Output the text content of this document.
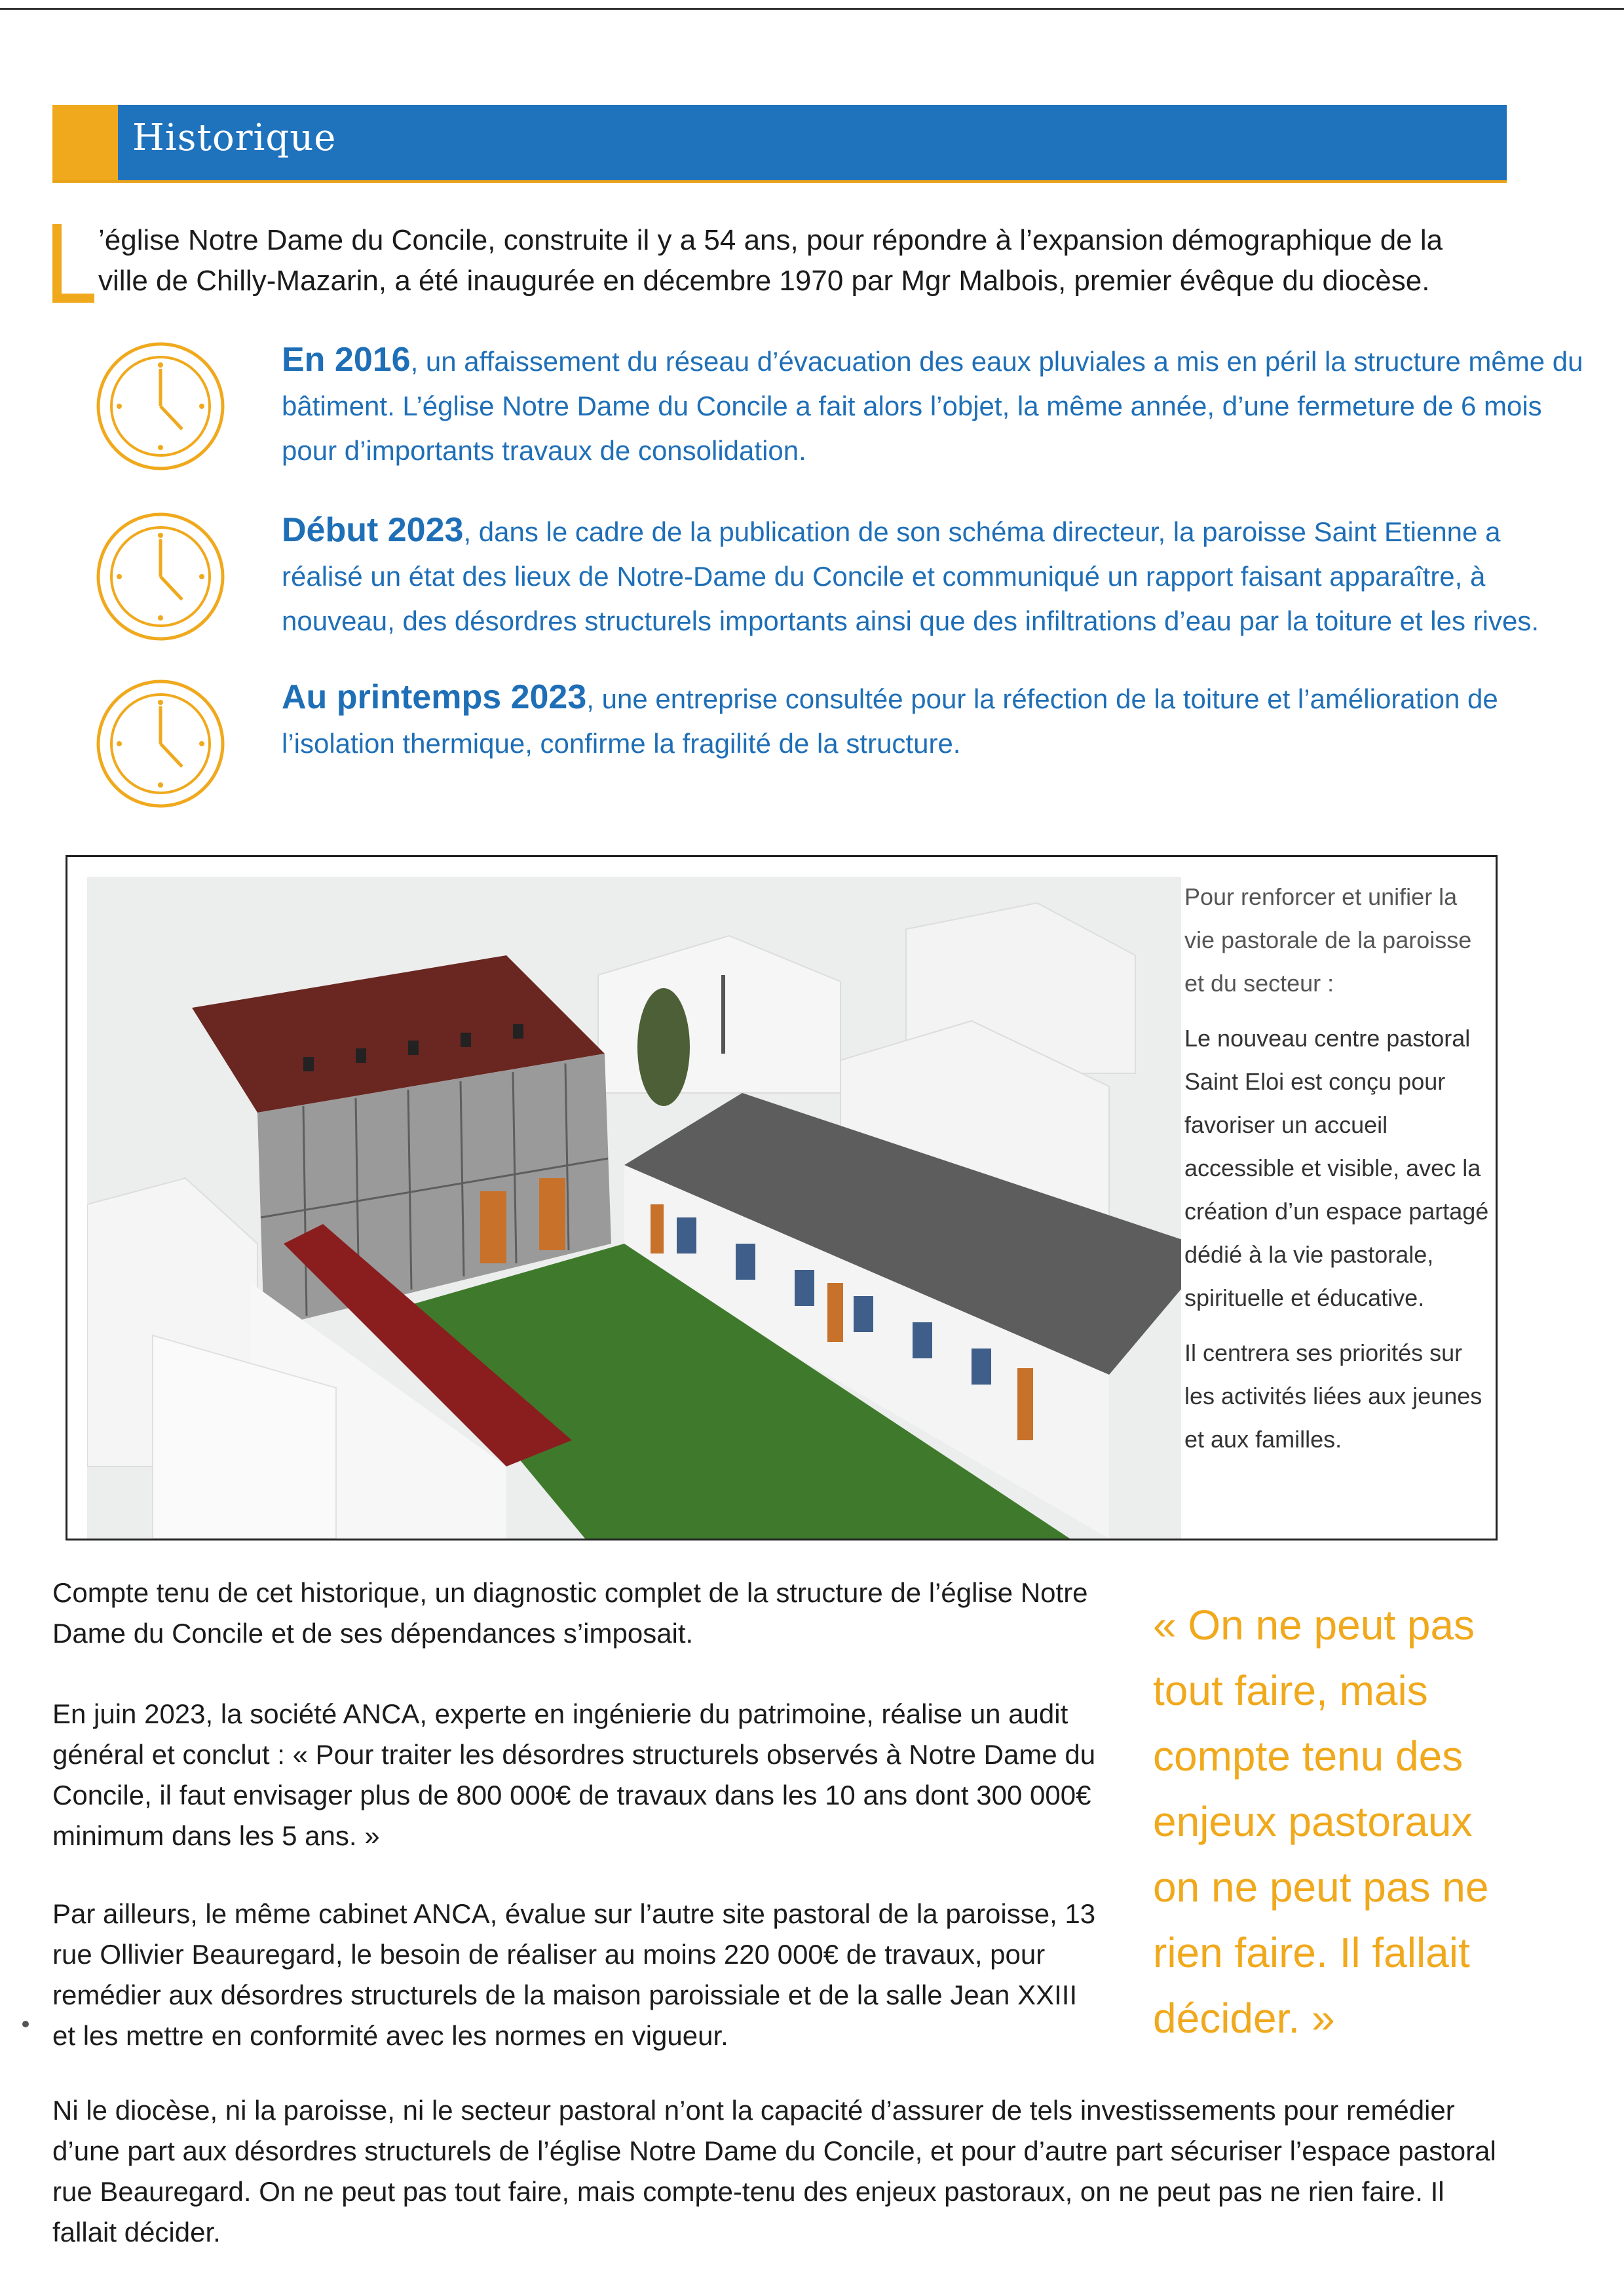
Historique

’église Notre Dame du Concile, construite il y a 54 ans, pour répondre à l’expansion démographique de la ville de Chilly-Mazarin, a été inaugurée en décembre 1970 par Mgr Malbois, premier évêque du diocèse.

En 2016, un affaissement du réseau d’évacuation des eaux pluviales a mis en péril la structure même du bâtiment. L’église Notre Dame du Concile a fait alors l’objet, la même année, d’une fermeture de 6 mois pour d’importants travaux de consolidation.
Début 2023, dans le cadre de la publication de son schéma directeur, la paroisse Saint Etienne a réalisé un état des lieux de Notre-Dame du Concile et communiqué un rapport faisant apparaître, à nouveau, des désordres structurels importants ainsi que des infiltrations d’eau par la toiture et les rives.
Au printemps 2023, une entreprise consultée pour la réfection de la toiture et l’amélioration de l’isolation thermique, confirme la fragilité de la structure.

Pour renforcer et unifier la vie pastorale de la paroisse et du secteur :

Le nouveau centre pastoral Saint Eloi est conçu pour favoriser un accueil accessible et visible, avec la création d’un espace partagé dédié à la vie pastorale, spirituelle et éducative.

Il centrera ses priorités sur les activités liées aux jeunes et aux familles.

Compte tenu de cet historique, un diagnostic complet de la structure de l’église Notre Dame du Concile et de ses dépendances s’imposait.

En juin 2023, la société ANCA, experte en ingénierie du patrimoine, réalise un audit général et conclut : « Pour traiter les désordres structurels observés à Notre Dame du Concile, il faut envisager plus de 800 000€ de travaux dans les 10 ans dont 300 000€ minimum dans les 5 ans. »

Par ailleurs, le même cabinet ANCA, évalue sur l’autre site pastoral de la paroisse, 13 rue Ollivier Beauregard, le besoin de réaliser au moins 220 000€ de travaux, pour remédier aux désordres structurels de la maison paroissiale et de la salle Jean XXIII et les mettre en conformité avec les normes en vigueur.

« On ne peut pas tout faire, mais compte tenu des enjeux pastoraux on ne peut pas ne rien faire. Il fallait décider. »
Ni le diocèse, ni la paroisse, ni le secteur pastoral n’ont la capacité d’assurer de tels investissements pour remédier d’une part aux désordres structurels de l’église Notre Dame du Concile, et pour d’autre part sécuriser l’espace pastoral rue Beauregard. On ne peut pas tout faire, mais compte-tenu des enjeux pastoraux, on ne peut pas ne rien faire. Il fallait décider.
